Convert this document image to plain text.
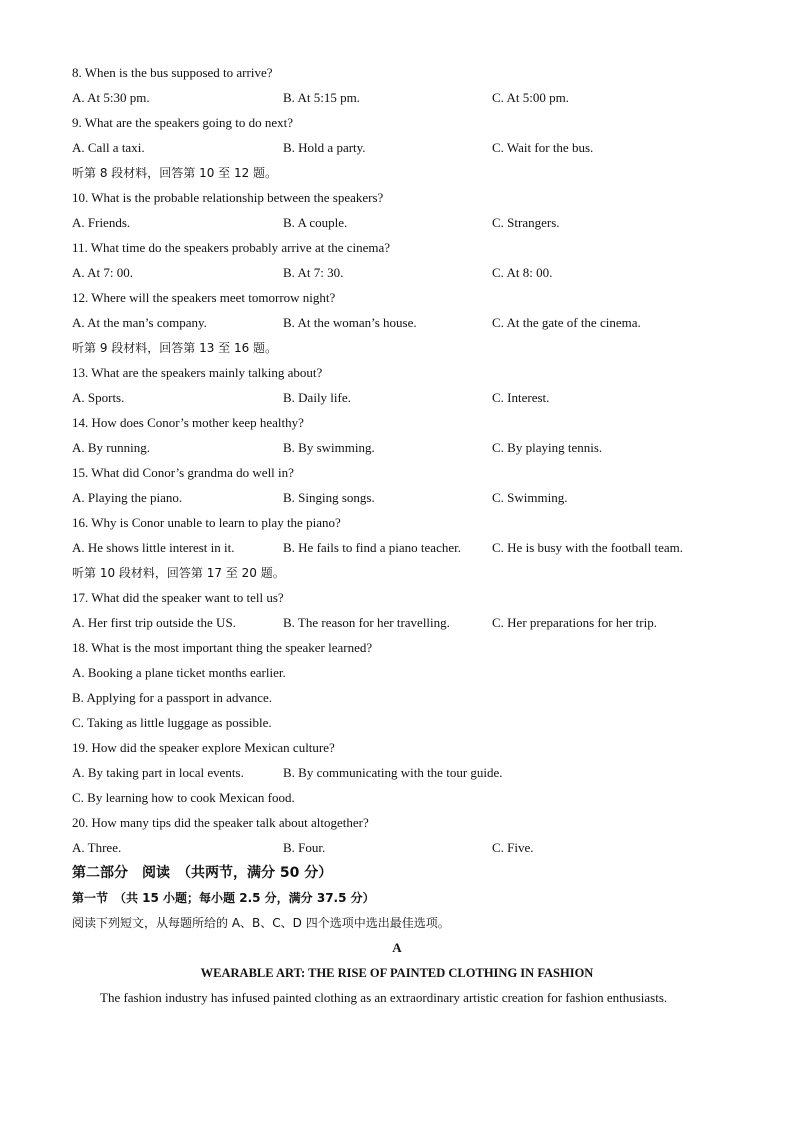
8. When is the bus supposed to arrive?
A. At 5:30 pm.	B. At 5:15 pm.	C. At 5:00 pm.
9. What are the speakers going to do next?
A. Call a taxi.	B. Hold a party.	C. Wait for the bus.
听第 8 段材料，回答第 10 至 12 题。
10. What is the probable relationship between the speakers?
A. Friends.	B. A couple.	C. Strangers.
11. What time do the speakers probably arrive at the cinema?
A. At 7: 00.	B. At 7: 30.	C. At 8: 00.
12. Where will the speakers meet tomorrow night?
A. At the man’s company.	B. At the woman’s house.	C. At the gate of the cinema.
听第 9 段材料，回答第 13 至 16 题。
13. What are the speakers mainly talking about?
A. Sports.	B. Daily life.	C. Interest.
14. How does Conor’s mother keep healthy?
A. By running.	B. By swimming.	C. By playing tennis.
15. What did Conor’s grandma do well in?
A. Playing the piano.	B. Singing songs.	C. Swimming.
16. Why is Conor unable to learn to play the piano?
A. He shows little interest in it.	B. He fails to find a piano teacher. C. He is busy with the football team.
听第 10 段材料，回答第 17 至 20 题。
17. What did the speaker want to tell us?
A. Her first trip outside the US.	B. The reason for her travelling.	C. Her preparations for her trip.
18. What is the most important thing the speaker learned?
A. Booking a plane ticket months earlier.
B. Applying for a passport in advance.
C. Taking as little luggage as possible.
19. How did the speaker explore Mexican culture?
A. By taking part in local events.	B. By communicating with the tour guide.
C. By learning how to cook Mexican food.
20. How many tips did the speaker talk about altogether?
A. Three.	B. Four.	C. Five.
第二部分　阅读　（共两节，满分 50 分）
第一节　（共 15 小题；每小题 2.5 分，满分 37.5 分）
阅读下列短文，从每题所给的 A、B、C、D 四个选项中选出最佳选项。
A
WEARABLE ART: THE RISE OF PAINTED CLOTHING IN FASHION
The fashion industry has infused painted clothing as an extraordinary artistic creation for fashion enthusiasts.
